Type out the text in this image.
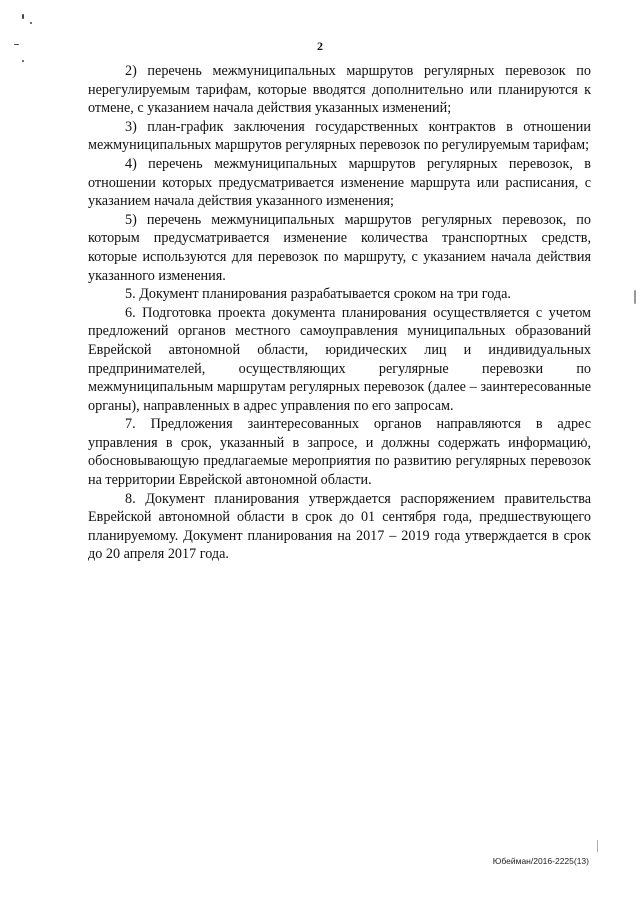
2

2) перечень межмуниципальных маршрутов регулярных перевозок по нерегулируемым тарифам, которые вводятся дополнительно или планируются к отмене, с указанием начала действия указанных изменений;

3) план-график заключения государственных контрактов в отношении межмуниципальных маршрутов регулярных перевозок по регулируемым тарифам;

4) перечень межмуниципальных маршрутов регулярных перевозок, в отношении которых предусматривается изменение маршрута или расписания, с указанием начала действия указанного изменения;

5) перечень межмуниципальных маршрутов регулярных перевозок, по которым предусматривается изменение количества транспортных средств, которые используются для перевозок по маршруту, с указанием начала действия указанного изменения.

5. Документ планирования разрабатывается сроком на три года.

6. Подготовка проекта документа планирования осуществляется с учетом предложений органов местного самоуправления муниципальных образований Еврейской автономной области, юридических лиц и индивидуальных предпринимателей, осуществляющих регулярные перевозки по межмуниципальным маршрутам регулярных перевозок (далее – заинтересованные органы), направленных в адрес управления по его запросам.

7. Предложения заинтересованных органов направляются в адрес управления в срок, указанный в запросе, и должны содержать информацию, обосновывающую предлагаемые мероприятия по развитию регулярных перевозок на территории Еврейской автономной области.

8. Документ планирования утверждается распоряжением правительства Еврейской автономной области в срок до 01 сентября года, предшествующего планируемому. Документ планирования на 2017 – 2019 года утверждается в срок до 20 апреля 2017 года.

Юбейман/2016-2225(13)
